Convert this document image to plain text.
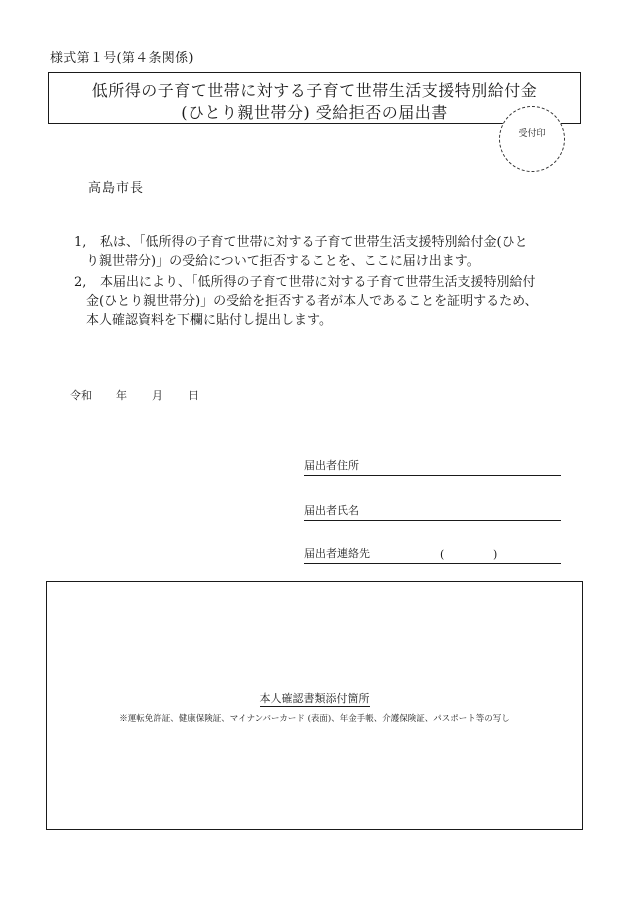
様式第１号(第４条関係)
低所得の子育て世帯に対する子育て世帯生活支援特別給付金
(ひとり親世帯分) 受給拒否の届出書
受付印
高島市長
1,	私は、「低所得の子育て世帯に対する子育て世帯生活支援特別給付金(ひと
り親世帯分)」の受給について拒否することを、ここに届け出ます。
2,	本届出により、「低所得の子育て世帯に対する子育て世帯生活支援特別給付
金(ひとり親世帯分)」の受給を拒否する者が本人であることを証明するため、
本人確認資料を下欄に貼付し提出します。
令和 年 月 日
届出者住所
届出者氏名
届出者連絡先	(	)
本人確認書類添付箇所
※運転免許証、健康保険証、マイナンバーカード (表面)、年金手帳、介護保険証、パスポート等の写し
